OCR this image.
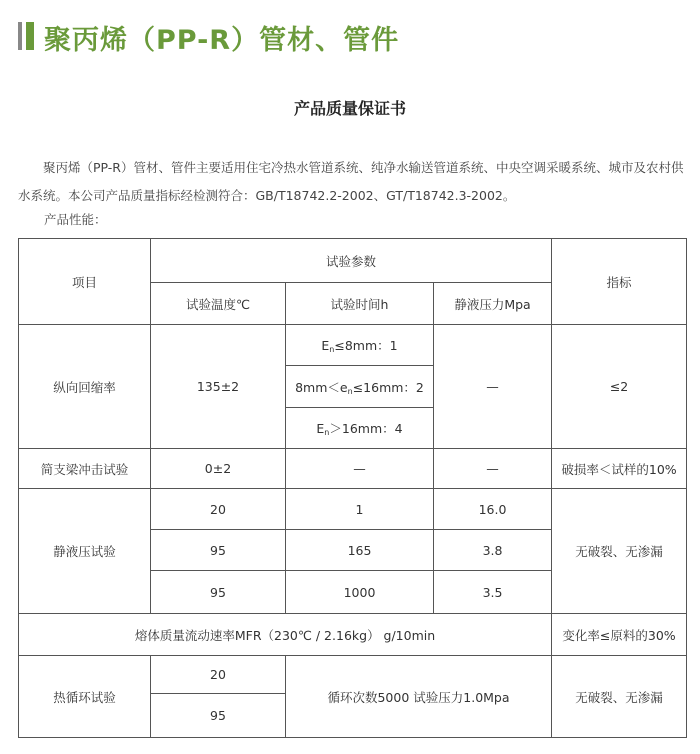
聚丙烯（PP-R）管材、管件
产品质量保证书
聚丙烯（PP-R）管材、管件主要适用住宅冷热水管道系统、纯净水输送管道系统、中央空调采暖系统、城市及农村供水系统。本公司产品质量指标经检测符合：GB/T18742.2-2002、GT/T18742.3-2002。
产品性能：
项目	试验参数			指标
	试验温度℃	试验时间h	静液压力Mpa	
纵向回缩率	135±2	$E_n\le 8mm$：1	—	≤2
		$8mm<e_n\le 16mm$：2		
		$E_n>16mm$：4		
简支梁冲击试验	0±2	—	—	破损率＜试样的10%
静液压试验	20	1	16.0	无破裂、无渗漏
	95	165	3.8	
	95	1000	3.5	
熔体质量流动速率MFR（230℃ / 2.16kg） g/10min				变化率≤原料的30%
热循环试验	20	循环次数5000 试验压力1.0Mpa		无破裂、无渗漏
	95			
